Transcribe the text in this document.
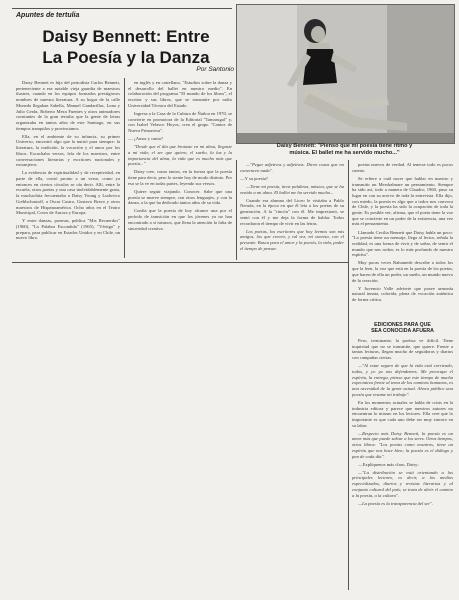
Apuntes de tertulia
Daisy Bennett: Entre
La Poesía y la Danza
Por Santonio
Daisy Bennett: "Pienso que mi poesía tiene ritmo y
música. El ballet me ha servido mucho..."

Daisy Bennett es hija del periodista Carlos Bennett, perteneciente a esa notable vieja guardia de maestros ilustres, cuando en los equipos formados prestigiosos nombres de nuestra literatura. A su hogar de la calle Moneda llegaban Sabella, Manuel Gandarillas, Luna y Julio Cerda, Roberto Meza Fuentes y otros animadores constantes de la gran tertulia que la gente de letras organizaba en tantos años de este Santiago, en sus tiempos tranquilos y provincianos.

Ella, en el ambiente de su infancia, su primer Universo, encontró algo que la nutrió para siempre: la literatura, la tradición, la vocación y el amor por los libros. Escuchaba versos, leía de los maestros, entre conversaciones literarias y escritores nacionales y extranjeros.

La evidencia de espiritualidad y de receptividad, en parte de ella, corrió pronto a un verso, como ya entonces en ciertos círculos se oía decir. Allí, entre la escuela, otros poetas y una casa inolvidablemente grata, la muchachita frecuentaba a Daisy Young y Ludovico Grehlschastoff, a Oscar Castro, Gustavo Bravo y otros maestros de Hispanoamérica. Ocho años en el Teatro Municipal, Coros de Aurora y Europa.

Y entre danzas, poemas, publica "Mis Recuerdos" (1960), "La Palabra Escondida" (1965), "Vértigo" y prepara, para publicar en Estados Unidos y en Chile, un nuevo libro.

en inglés y en castellano, "Estudios sobre la danza y el desarrollo del ballet en nuestro medio". En colaboración del programa "El mundo de los libros", el escritor y sus libros, que se transmite por radio Universidad Técnica del Estado.

Ingresa a la Casa de la Cultura de Ñuñoa en 1970, se convierte en promotora de la Editorial "Tamarugal" y, con Isabel Velasco Hoyos, crea el grupo "Cantos de Nueva Primavera".

— ¿Amor y canto?

"Desde que el día que brotaste en mi alma, llegaste a mi vida; el ser que quiero, el sueño, la luz y la importancia del alma, la vida que es mucho más que poesía..."

Daisy cree, como tantos, en la fuerza que la poesía tiene para decir, pero lo siente hoy de modo distinto. Por eso se la ve en todas partes, leyendo sus versos.

Quiere seguir viajando. Conocer. Sabe que una poesía se mueve siempre, con otros lenguajes, y con la danza, a la que ha dedicado tantos años de su vida.

Confía que la poesía de hoy alcance una por el período de transición en que los jóvenes ya no han encontrado a sí mismos, que llena la atención la falta de sinceridad creativa.

—"Pegar adjetivos y adjetivos. Dicen cosas que no convencen nada".

—Y su poesía?

—Tiene mi poesía, tiene palabras, música, que se ha venido a mi alma. El ballet me ha servido mucho...

Cuando era alumna del Liceo le visitaba a Pablo Neruda, en la época en que él leía a los poetas de su generación. A la "rincón" con él. Me impresionó, se sentó con él y me deja la forma de hablar. Todos recordaron el tiempo de vivir en las letras.

Los poetas, los escritores que hoy leemos son mis amigos, los que crecen, y tal vez, mi sonrisa, con el presente. Busca para el amor y la poesía, la vida, poder el tiempo de pensar.

poetas nuevos de verdad. Al tenerse todo es pocos cuento.

Se refiere a cuál nacer que hablar en nuestro y transmitir un Mershalmare un pensamiento. Siempre ha sido así, todo a manera de Claudio; 1960, puso su lugar en con su acervo de toda la entrevista. Ella dijo, con miedo, la poesía es algo que a todos nos convoca de Chile, y la poesía ha sido la ocupación de toda la gente. Es posible ver, afirma, que el poeta tiene la voz que se convierte en un poder de la existencia, una vez más el pensamiento.

Llamado Cecilia Bennett que Daisy habla un poco: "La poesía tiene un mensaje, llega al lector, señala la realidad, es una forma de vivir y de soñar, de sentir el mundo que nos rodea; es lo más profundo de nuestro espíritu".

Muy pocas veces Rahamede describe a todos los que la leen, la voz que está en la poesía de los poetas, que hacen de ella un poder, un sueño, un mundo nuevo de la creación.

Y Juvencio Valle advierte que posee armonía natural innata, colorida, plena de vocación auténtica de forma crítica.

EDICIONES PARA QUE
SEA CONOCIDA AFUERA

Pero, terminante, la poetisa ve difícil. Tiene inquietud que no se transmite, que quiere. Frente a tantas lecturas, llegan mucho de seguidoras y diarios con campañas ciertas.

—"Al estar seguro de que la vida está corriendo, todos, y yo ya nos defendemos. Me preocupa el espíritu, la entrega, pienso que este tiempo de mucha expectativa frente al tema de los caminos humanos, es una necesidad de la gente actual. Ahora publico una poesía que resume mi trabajo".

En los momentos actuales se habla de crisis en la industria editora y parece que nuestros autores no encuentran lo mismo en los lectores. Ella cree que lo importante es que cada uno debe ser muy sincero en su labor.

—Respecto más Daisy Bennett, la poesía es un amor más que puede salvar a los seres. Otros tiempos, otros libros: "Los poetas como nosotros, tiene un espíritu que nos hace bien; la poesía es el diálogo y pan de cada día".

—Explíquenos más claro, Daisy:

—"La distribución se está orientando a los principales lectores, es decir, a los medios especializados, diarios y revistas literarias y al conjunto cultural del país; se trata de abrir el camino a la poesía, a la cultura".

—La poesía es la transparencia del ser".
